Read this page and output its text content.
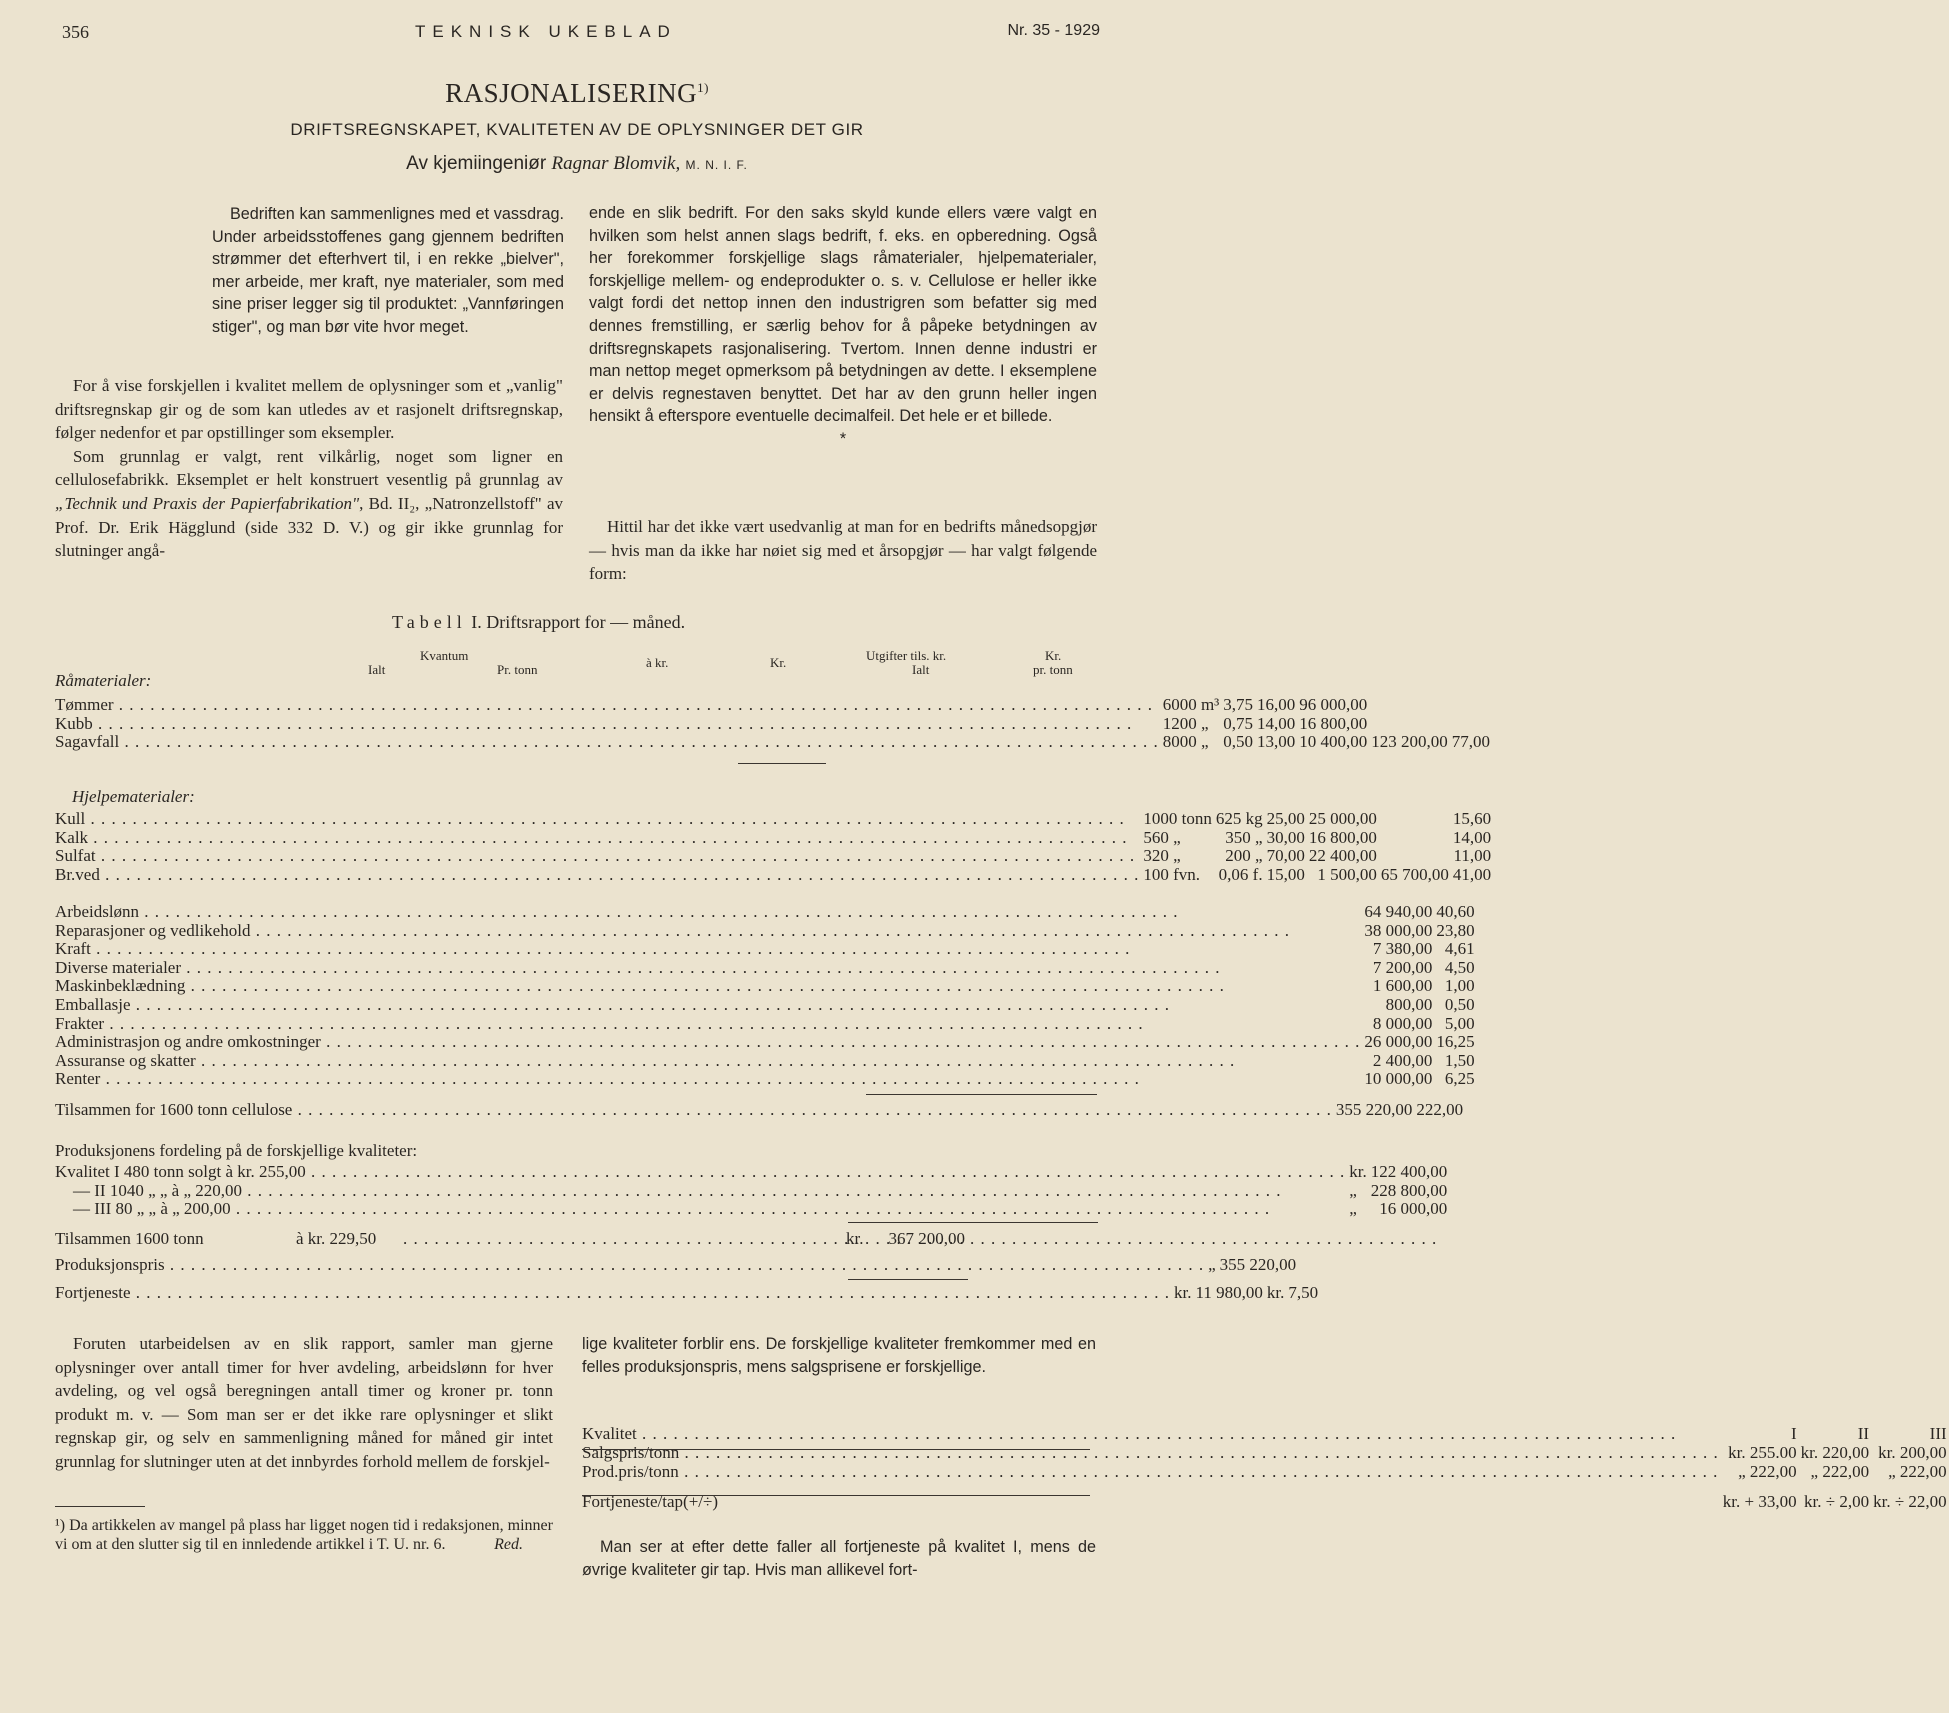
356	TEKNISK UKEBLAD	Nr. 35 - 1929
RASJONALISERING$^{1)}$
DRIFTSREGNSKAPET, KVALITETEN AV DE OPLYSNINGER DET GIR
Av kjemiingeniør Ragnar Blomvik, M. N. I. F.

Bedriften kan sammenlignes med et vassdrag. Under arbeidsstoffenes gang gjennem bedriften strømmer det efterhvert til, i en rekke „bielver", mer arbeide, mer kraft, nye materialer, som med sine priser legger sig til produktet: „Vannføringen stiger", og man bør vite hvor meget.

For å vise forskjellen i kvalitet mellem de oplysninger som et „vanlig" driftsregnskap gir og de som kan utledes av et rasjonelt driftsregnskap, følger nedenfor et par opstillinger som eksempler.

Som grunnlag er valgt, rent vilkårlig, noget som ligner en cellulosefabrikk. Eksemplet er helt konstruert vesentlig på grunnlag av „Technik und Praxis der Papierfabrikation", Bd. II₂, „Natronzellstoff" av Prof. Dr. Erik Hägglund (side 332 D. V.) og gir ikke grunnlag for slutninger angå-

ende en slik bedrift. For den saks skyld kunde ellers være valgt en hvilken som helst annen slags bedrift, f. eks. en opberedning. Også her forekommer forskjellige slags råmaterialer, hjelpematerialer, forskjellige mellem- og endeprodukter o. s. v. Cellulose er heller ikke valgt fordi det nettop innen den industrigren som befatter sig med dennes fremstilling, er særlig behov for å påpeke betydningen av driftsregnskapets rasjonalisering. Tvertom. Innen denne industri er man nettop meget opmerksom på betydningen av dette. I eksemplene er delvis regnestaven benyttet. Det har av den grunn heller ingen hensikt å efterspore eventuelle decimalfeil. Det hele er et billede.

*

Hittil har det ikke vært usedvanlig at man for en bedrifts månedsopgjør — hvis man da ikke har nøiet sig med et årsopgjør — har valgt følgende form:

Tabell I. Driftsrapport for — måned.
Kvantum
Ialt	Pr. tonn	à kr.	Kr.	Utgifter tils. kr.
Ialt
Kr.
pr. tonn
Råmaterialer:
Tømmer . . .	6000 m³	3,75	16,00	96 000,00		
Kubb . . .	1200 „	0,75	14,00	16 800,00		
Sagavfall . . .	8000 „	0,50	13,00	10 400,00	123 200,00	77,00
Hjelpematerialer:
Kull . . .	1000 tonn	625 kg	25,00	25 000,00		15,60
Kalk . . .	560 „	350 „	30,00	16 800,00		14,00
Sulfat . . .	320 „	200 „	70,00	22 400,00		11,00
Br.ved . . .	100 fvn.	0,06 f.	15,00	1 500,00	65 700,00	41,00
Arbeidslønn . . .	64 940,00	40,60
Reparasjoner og vedlikehold . . .	38 000,00	23,80
Kraft . . .	7 380,00	4,61
Diverse materialer . . .	7 200,00	4,50
Maskinbeklædning . . .	1 600,00	1,00
Emballasje . . .	800,00	0,50
Frakter . . .	8 000,00	5,00
Administrasjon og andre omkostninger . . .	26 000,00	16,25
Assuranse og skatter . . .	2 400,00	1,50
Renter . . .	10 000,00	6,25
Tilsammen for 1600 tonn cellulose . . .	355 220,00	222,00
Produksjonens fordeling på de forskjellige kvaliteter:
Kvalitet I 480 tonn solgt à kr. 255,00 . . .	kr.	122 400,00
— II 1040 „ „ à „ 220,00 . . .	„	228 800,00
— III 80 „ „ à „ 200,00 . . .	„	16 000,00
Tilsammen 1600 tonn	à kr. 229,50 . . .	kr. 367 200,00
Produksjonspris . . .	„	355 220,00
Fortjeneste . . .	kr.	11 980,00	kr.	7,50

Foruten utarbeidelsen av en slik rapport, samler man gjerne oplysninger over antall timer for hver avdeling, arbeidslønn for hver avdeling, og vel også beregningen antall timer og kroner pr. tonn produkt m. v. — Som man ser er det ikke rare oplysninger et slikt regnskap gir, og selv en sammenligning måned for måned gir intet grunnlag for slutninger uten at det innbyrdes forhold mellem de forskjel-

¹) Da artikkelen av mangel på plass har ligget nogen tid i redaksjonen, minner vi om at den slutter sig til en innledende artikkel i T. U. nr. 6.	Red.

lige kvaliteter forblir ens. De forskjellige kvaliteter fremkommer med en felles produksjonspris, mens salgsprisene er forskjellige.

Kvalitet . . .	I	II	III
Salgspris/tonn . . .	kr. 255.00	kr. 220,00	kr. 200,00
Prod.pris/tonn . . .	„ 222,00	„ 222,00	„ 222,00
Fortjeneste/tap(+/÷)	kr. + 33,00	kr. ÷ 2,00	kr. ÷ 22,00

Man ser at efter dette faller all fortjeneste på kvalitet I, mens de øvrige kvaliteter gir tap. Hvis man allikevel fort-
